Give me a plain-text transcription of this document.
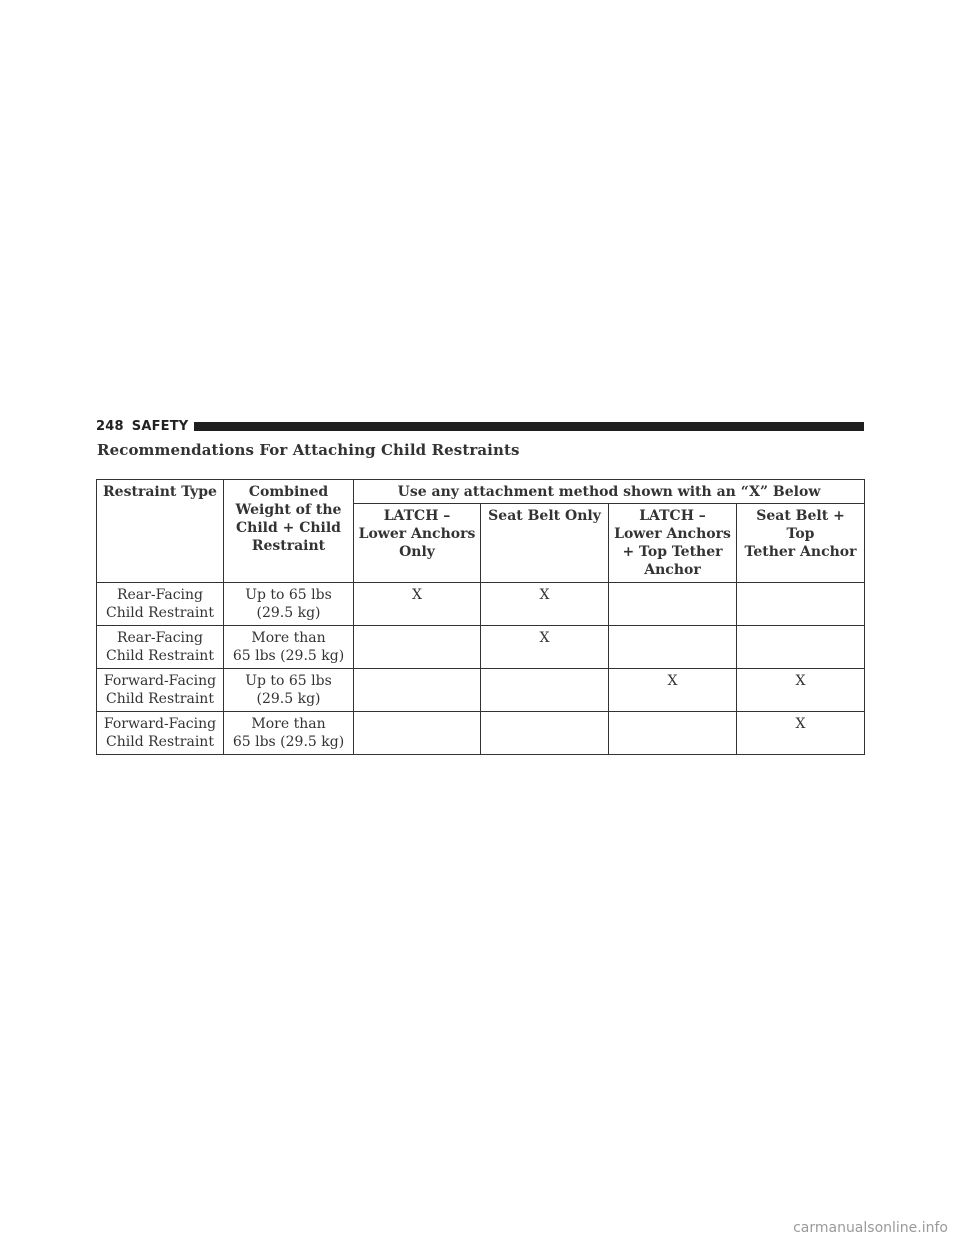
248 SAFETY
Recommendations For Attaching Child Restraints
Restraint Type	Combined
Weight of the
Child + Child
Restraint	Use any attachment method shown with an “X” Below			

		LATCH –
Lower Anchors
Only	Seat Belt Only	LATCH –
Lower Anchors
+ Top Tether
Anchor	Seat Belt + Top
Tether Anchor

Rear-Facing
Child Restraint	Up to 65 lbs
(29.5 kg)	X	X		

Rear-Facing
Child Restraint	More than
65 lbs (29.5 kg)		X		

Forward-Facing
Child Restraint	Up to 65 lbs
(29.5 kg)			X	X

Forward-Facing
Child Restraint	More than
65 lbs (29.5 kg)				X
carmanualsonline.info
